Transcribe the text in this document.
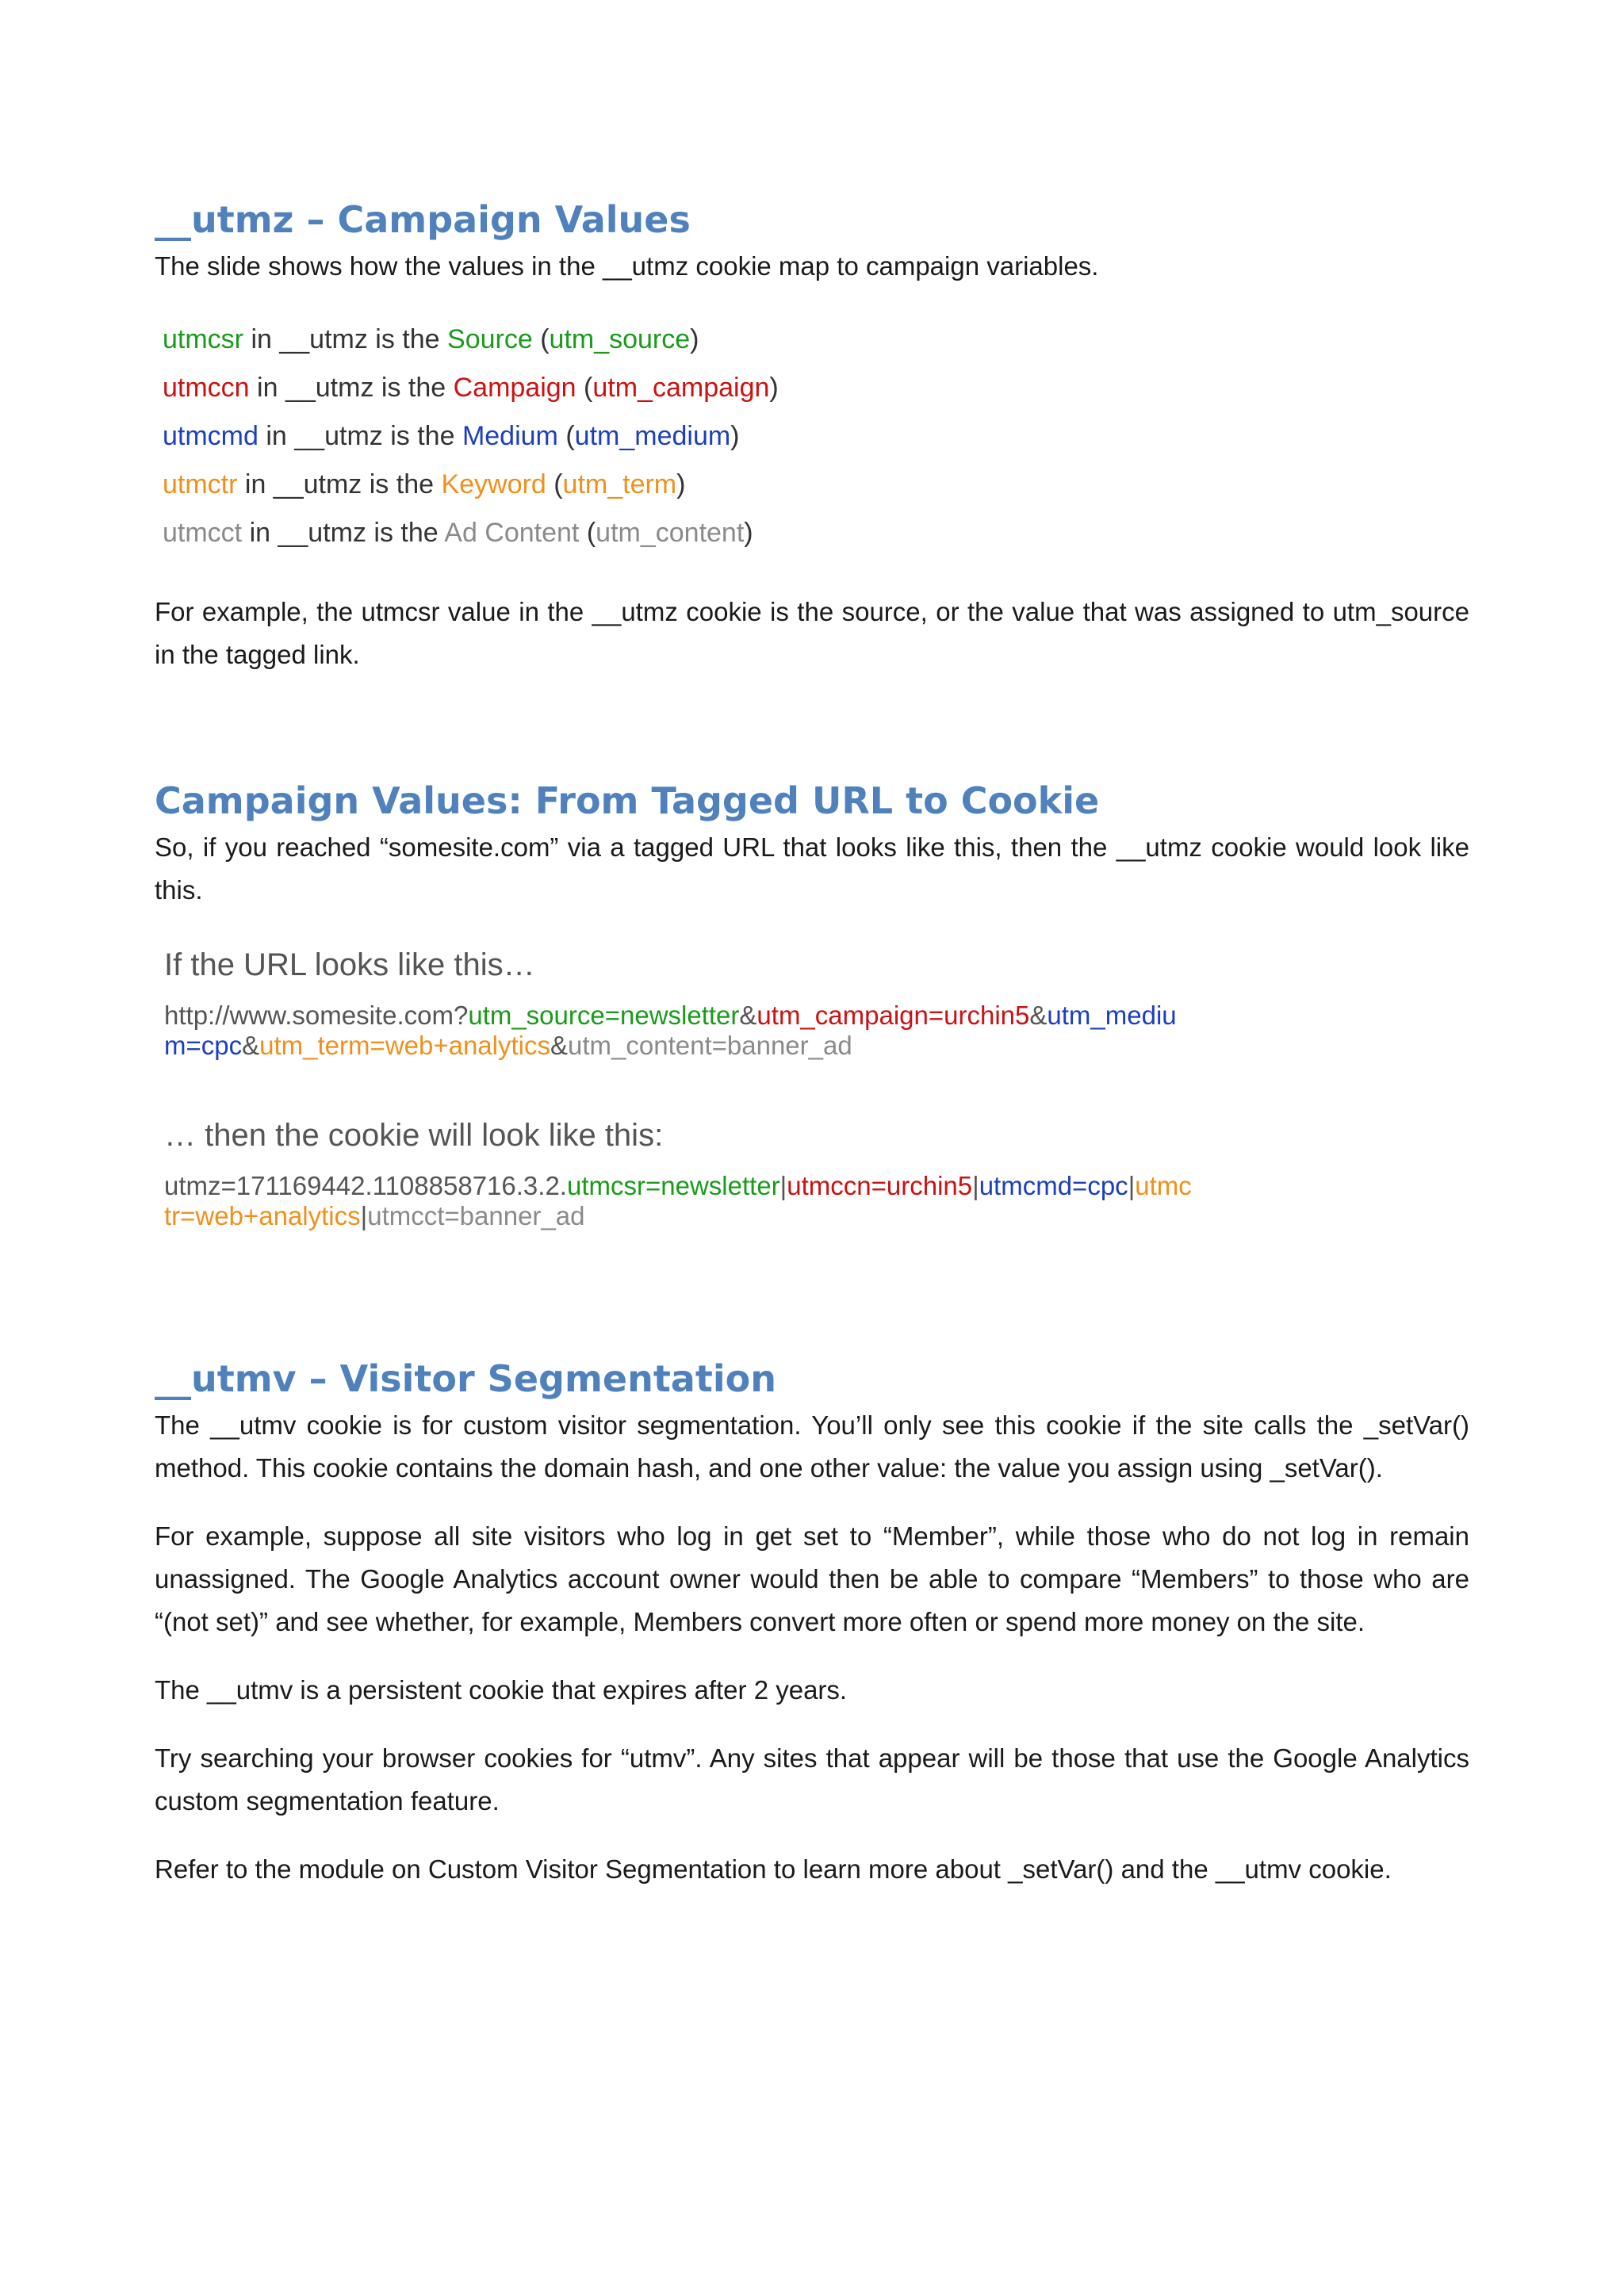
__utmz – Campaign Values

The slide shows how the values in the __utmz cookie map to campaign variables.

utmcsr in __utmz is the Source (utm_source)
utmccn in __utmz is the Campaign (utm_campaign)
utmcmd in __utmz is the Medium (utm_medium)
utmctr in __utmz is the Keyword (utm_term)
utmcct in __utmz is the Ad Content (utm_content)

For example, the utmcsr value in the __utmz cookie is the source, or the value that was assigned to utm_source in the tagged link.

Campaign Values: From Tagged URL to Cookie

So, if you reached “somesite.com” via a tagged URL that looks like this, then the __utmz cookie would look like this.

If the URL looks like this…
http://www.somesite.com?utm_source=newsletter&utm_campaign=urchin5&utm_medium=cpc&utm_term=web+analytics&utm_content=banner_ad
… then the cookie will look like this:
utmz=171169442.1108858716.3.2.utmcsr=newsletter|utmccn=urchin5|utmcmd=cpc|utmctr=web+analytics|utmcct=banner_ad
__utmv – Visitor Segmentation

The __utmv cookie is for custom visitor segmentation. You’ll only see this cookie if the site calls the _setVar() method. This cookie contains the domain hash, and one other value: the value you assign using _setVar().

For example, suppose all site visitors who log in get set to “Member”, while those who do not log in remain unassigned. The Google Analytics account owner would then be able to compare “Members” to those who are “(not set)” and see whether, for example, Members convert more often or spend more money on the site.

The __utmv is a persistent cookie that expires after 2 years.

Try searching your browser cookies for “utmv”. Any sites that appear will be those that use the Google Analytics custom segmentation feature.

Refer to the module on Custom Visitor Segmentation to learn more about _setVar() and the __utmv cookie.
